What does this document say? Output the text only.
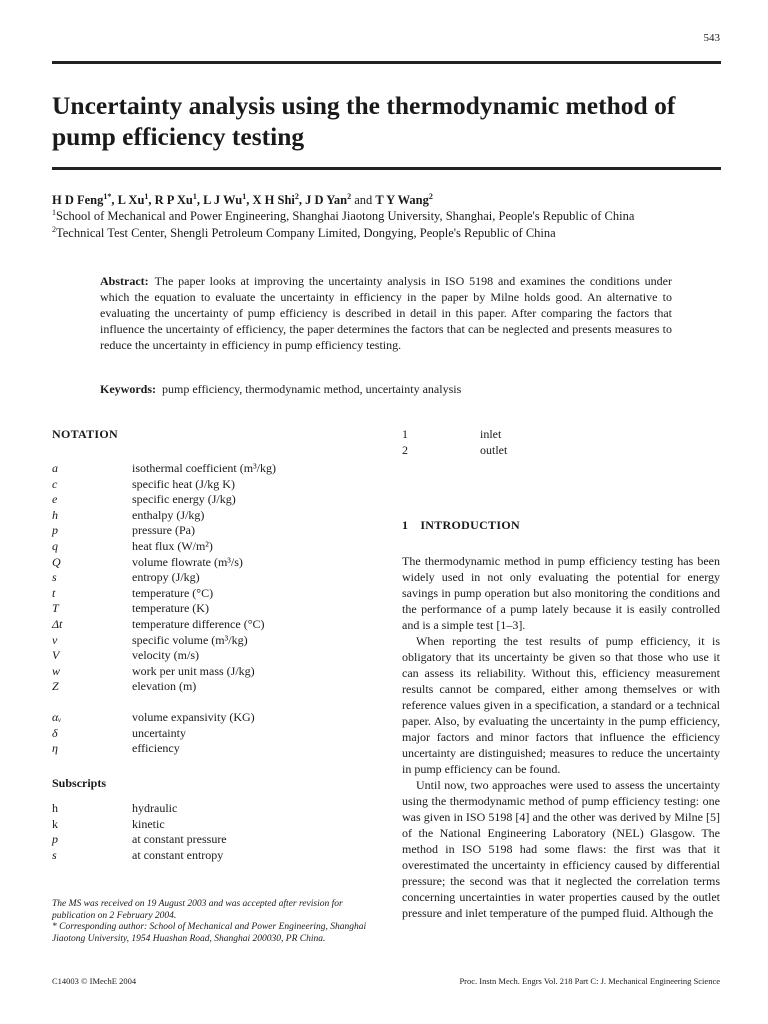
543
Uncertainty analysis using the thermodynamic method of pump efficiency testing
H D Feng$^{1*}$, L Xu$^1$, R P Xu$^1$, L J Wu$^1$, X H Shi$^2$, J D Yan$^2$ and T Y Wang$^2$
$^1$School of Mechanical and Power Engineering, Shanghai Jiaotong University, Shanghai, People's Republic of China
$^2$Technical Test Center, Shengli Petroleum Company Limited, Dongying, People's Republic of China
Abstract: The paper looks at improving the uncertainty analysis in ISO 5198 and examines the conditions under which the equation to evaluate the uncertainty in efficiency in the paper by Milne holds good. An alternative to evaluating the uncertainty of pump efficiency is described in detail in this paper. After comparing the factors that influence the uncertainty of efficiency, the paper determines the factors that can be neglected and presents measures to reduce the uncertainty in efficiency in pump efficiency testing.
Keywords: pump efficiency, thermodynamic method, uncertainty analysis
NOTATION
a	isothermal coefficient (m³/kg)
c	specific heat (J/kg K)
e	specific energy (J/kg)
h	enthalpy (J/kg)
p	pressure (Pa)
q	heat flux (W/m²)
Q	volume flowrate (m³/s)
s	entropy (J/kg)
t	temperature (°C)
T	temperature (K)
Δt	temperature difference (°C)
v	specific volume (m³/kg)
V	velocity (m/s)
w	work per unit mass (J/kg)
Z	elevation (m)
αᵥ	volume expansivity (KG)
δ	uncertainty
η	efficiency
Subscripts
h	hydraulic
k	kinetic
p	at constant pressure
s	at constant entropy
1	inlet
2	outlet
1 INTRODUCTION

The thermodynamic method in pump efficiency testing has been widely used in not only evaluating the potential for energy savings in pump operation but also monitoring the conditions and the performance of a pump lately because it is easily controlled and is a simple test [1–3].

When reporting the test results of pump efficiency, it is obligatory that its uncertainty be given so that those who use it can assess its reliability. Without this, efficiency measurement results cannot be compared, either among themselves or with reference values given in a specification, a standard or a technical paper. Also, by evaluating the uncertainty in the pump efficiency, major factors and minor factors that influence the efficiency uncertainty are distinguished; measures to reduce the uncertainty in pump efficiency can be found.

Until now, two approaches were used to assess the uncertainty using the thermodynamic method of pump efficiency testing: one was given in ISO 5198 [4] and the other was derived by Milne [5] of the National Engineering Laboratory (NEL) Glasgow. The method in ISO 5198 had some flaws: the first was that it overestimated the uncertainty in efficiency caused by differential pressure; the second was that it neglected the correlation terms concerning uncertainties in water properties caused by the outlet pressure and inlet temperature of the pumped fluid. Although the

The MS was received on 19 August 2003 and was accepted after revision for publication on 2 February 2004.
* Corresponding author: School of Mechanical and Power Engineering, Shanghai Jiaotong University, 1954 Huashan Road, Shanghai 200030, PR China.
C14003 © IMechE 2004	Proc. Instn Mech. Engrs Vol. 218 Part C: J. Mechanical Engineering Science
